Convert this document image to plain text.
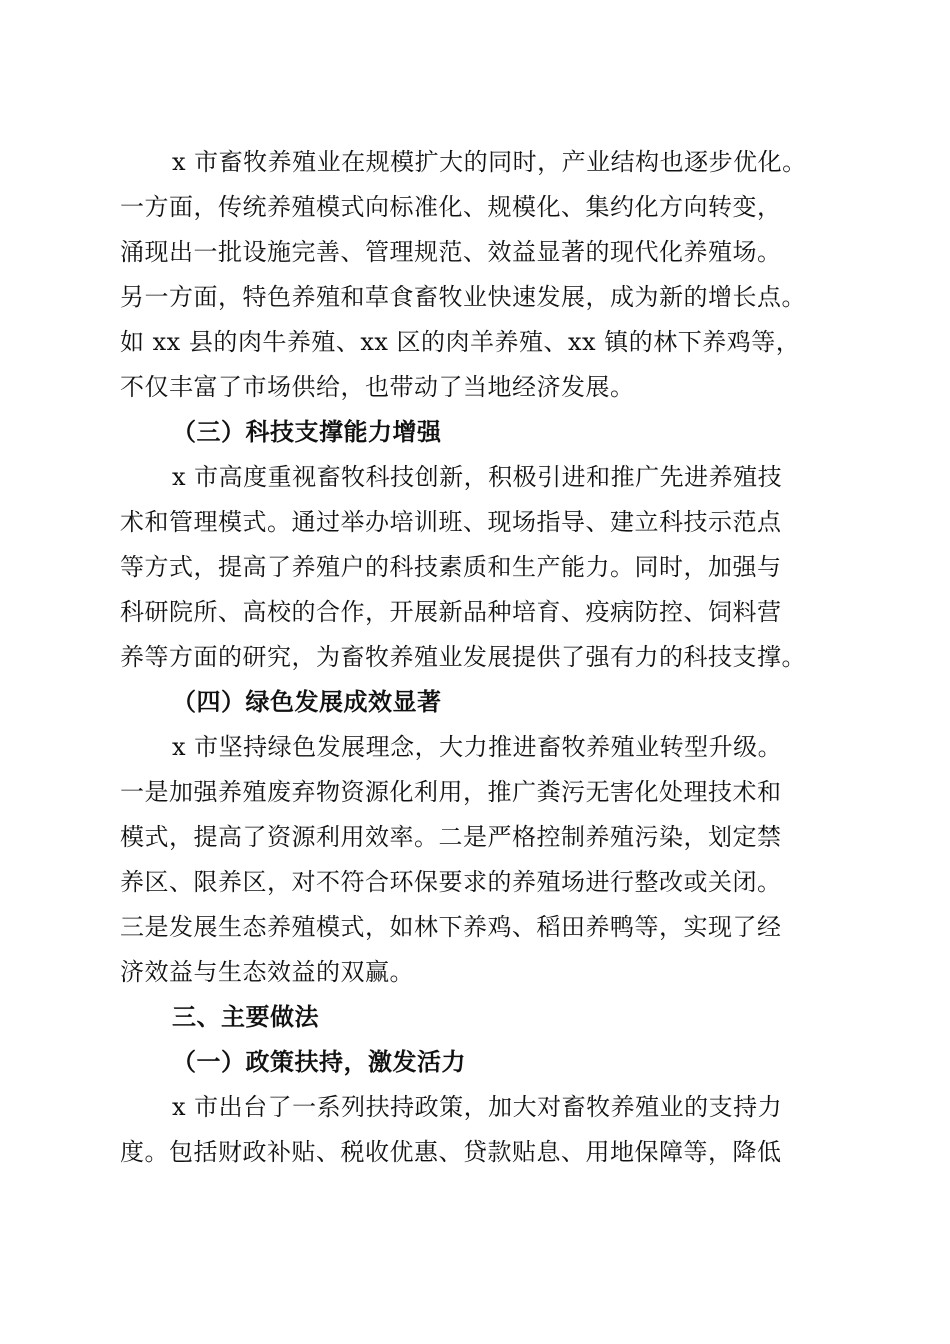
x 市畜牧养殖业在规模扩大的同时，产业结构也逐步优化。
一方面，传统养殖模式向标准化、规模化、集约化方向转变，
涌现出一批设施完善、管理规范、效益显著的现代化养殖场。
另一方面，特色养殖和草食畜牧业快速发展，成为新的增长点。
如 xx 县的肉牛养殖、xx 区的肉羊养殖、xx 镇的林下养鸡等，
不仅丰富了市场供给，也带动了当地经济发展。
（三）科技支撑能力增强
x 市高度重视畜牧科技创新，积极引进和推广先进养殖技
术和管理模式。通过举办培训班、现场指导、建立科技示范点
等方式，提高了养殖户的科技素质和生产能力。同时，加强与
科研院所、高校的合作，开展新品种培育、疫病防控、饲料营
养等方面的研究，为畜牧养殖业发展提供了强有力的科技支撑。
（四）绿色发展成效显著
x 市坚持绿色发展理念，大力推进畜牧养殖业转型升级。
一是加强养殖废弃物资源化利用，推广粪污无害化处理技术和
模式，提高了资源利用效率。二是严格控制养殖污染，划定禁
养区、限养区，对不符合环保要求的养殖场进行整改或关闭。
三是发展生态养殖模式，如林下养鸡、稻田养鸭等，实现了经
济效益与生态效益的双赢。
三、主要做法
（一）政策扶持，激发活力
x 市出台了一系列扶持政策，加大对畜牧养殖业的支持力
度。包括财政补贴、税收优惠、贷款贴息、用地保障等，降低
